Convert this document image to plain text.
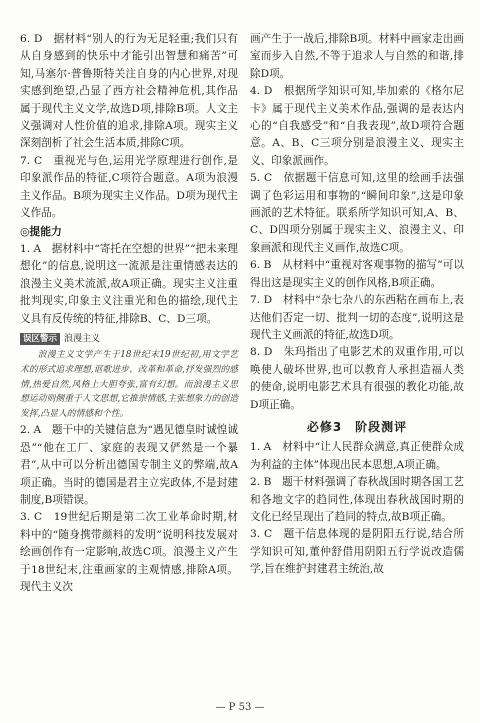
6. D　据材料“别人的行为无足轻重;我们只有从自身感到的快乐中才能引出智慧和痛苦”可知,马塞尔·普鲁斯特关注自身的内心世界,对现实感到绝望,凸显了西方社会精神危机,其作品属于现代主义文学,故选D项,排除B项。人文主义强调对人性价值的追求,排除A项。现实主义深刻剖析了社会生活本质,排除C项。

7. C　重视光与色,运用光学原理进行创作,是印象派作品的特征,C项符合题意。A项为浪漫主义作品。B项为现实主义作品。D项为现代主义作品。

◎提能力

1. A　据材料中“寄托在空想的世界”“把未来理想化”的信息,说明这一流派是注重情感表达的浪漫主义美术流派,故A项正确。现实主义注重批判现实,印象主义注重光和色的描绘,现代主义具有反传统的特征,排除B、C、D三项。

误区警示 浪漫主义
浪漫主义文学产生于18世纪末19世纪初,用文学艺术的形式追求理想,讴歌进步、改革和革命,抒发强烈的感情,热爱自然,风格上大胆夸张,富有幻想。而浪漫主义思想运动则侧重于人文思想,它推崇情感,主张想象力的创造发挥,凸显人的情感和个性。

2. A　题干中的关键信息为“遇见德皇时诚惶诚恐”“他在工厂、家庭的表现又俨然是一个暴君”,从中可以分析出德国专制主义的弊端,故A项正确。当时的德国是君主立宪政体,不是封建制度,B项错误。

3. C　19世纪后期是第二次工业革命时期,材料中的“随身携带颜料的发明”说明科技发展对绘画创作有一定影响,故选C项。浪漫主义产生于18世纪末,注重画家的主观情感,排除A项。现代主义次

画产生于一战后,排除B项。材料中画家走出画室而步入自然,不等于追求人与自然的和谐,排除D项。

4. D　根据所学知识可知,毕加索的《格尔尼卡》属于现代主义美术作品,强调的是表达内心的“自我感受”和“自我表现”,故D项符合题意。A、B、C三项分别是浪漫主义、现实主义、印象派画作。

5. C　依据题干信息可知,这里的绘画手法强调了色彩运用和事物的“瞬间印象”,这是印象画派的艺术特征。联系所学知识可知,A、B、C、D四项分别属于现实主义、浪漫主义、印象画派和现代主义画作,故选C项。

6. B　从材料中“重视对客观事物的描写”可以得出这是现实主义的创作风格,B项正确。

7. D　材料中“杂七杂八的东西粘在画布上,表达他们否定一切、批判一切的态度”,说明这是现代主义画派的特征,故选D项。

8. D　朱玛指出了电影艺术的双重作用,可以唤使人破坏世界,也可以教育人承担造福人类的使命,说明电影艺术具有很强的教化功能,故D项正确。

必修3　阶段测评

1. A　材料中“让人民群众满意,真正使群众成为利益的主体”体现出民本思想,A项正确。

2. B　题干材料强调了春秋战国时期各国工艺和各地文字的趋同性,体现出春秋战国时期的文化已经呈现出了趋同的特点,故B项正确。

3. C　题干信息体现的是阴阳五行说,结合所学知识可知,董仲舒借用阴阳五行学说改造儒学,旨在维护封建君主统治,故

— P 53 —
